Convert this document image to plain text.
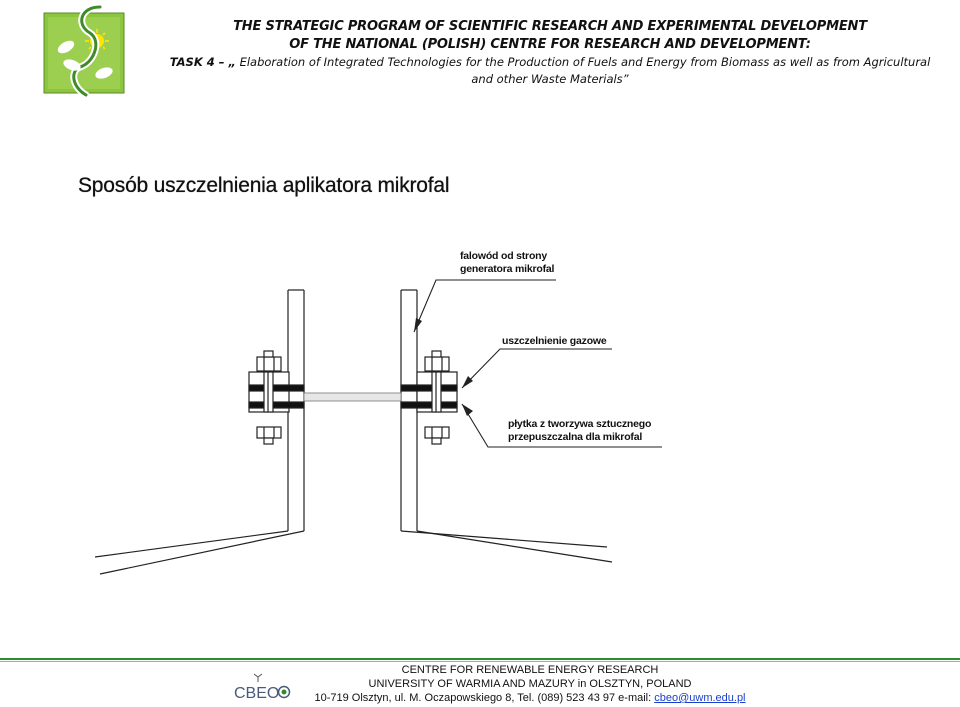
THE STRATEGIC PROGRAM OF SCIENTIFIC RESEARCH AND EXPERIMENTAL DEVELOPMENT
OF THE NATIONAL (POLISH) CENTRE FOR RESEARCH AND DEVELOPMENT:
TASK 4 – „ Elaboration of Integrated Technologies for the Production of Fuels and Energy from Biomass as well as from Agricultural
and other Waste Materials”
Sposób uszczelnienia aplikatora mikrofal
falowód od strony
generatora mikrofal
uszczelnienie gazowe
płytka z tworzywa sztucznego
przepuszczalna dla mikrofal
CBEO
CENTRE FOR RENEWABLE ENERGY RESEARCH
UNIVERSITY OF WARMIA AND MAZURY in OLSZTYN, POLAND
10-719 Olsztyn, ul. M. Oczapowskiego 8, Tel. (089) 523 43 97 e-mail: cbeo@uwm.edu.pl
